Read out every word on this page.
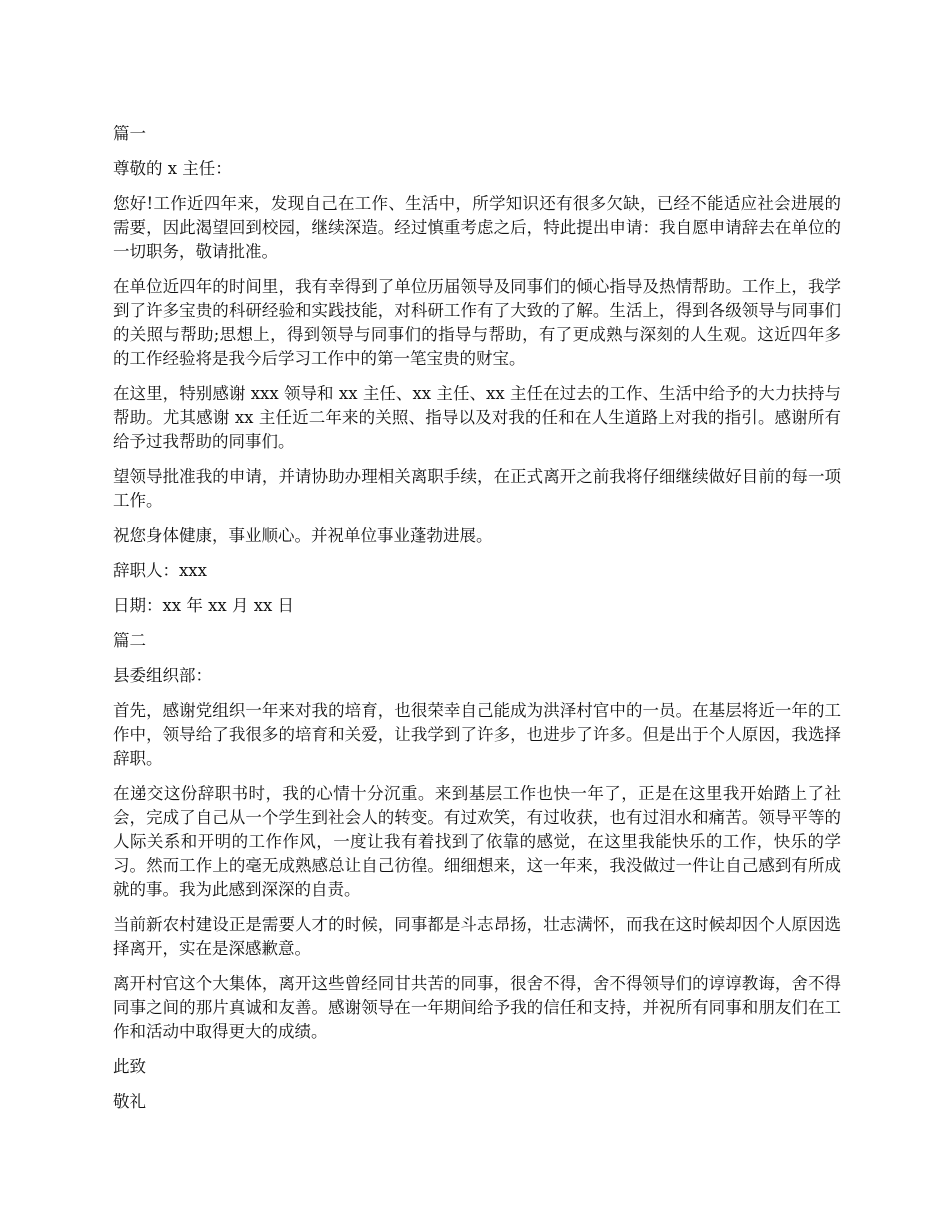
篇一

尊敬的 x 主任：

您好!工作近四年来，发现自己在工作、生活中，所学知识还有很多欠缺，已经不能适应社会进展的需要，因此渴望回到校园，继续深造。经过慎重考虑之后，特此提出申请：我自愿申请辞去在单位的一切职务，敬请批准。

在单位近四年的时间里，我有幸得到了单位历届领导及同事们的倾心指导及热情帮助。工作上，我学到了许多宝贵的科研经验和实践技能，对科研工作有了大致的了解。生活上，得到各级领导与同事们的关照与帮助;思想上，得到领导与同事们的指导与帮助，有了更成熟与深刻的人生观。这近四年多的工作经验将是我今后学习工作中的第一笔宝贵的财宝。

在这里，特别感谢 xxx 领导和 xx 主任、xx 主任、xx 主任在过去的工作、生活中给予的大力扶持与帮助。尤其感谢 xx 主任近二年来的关照、指导以及对我的任和在人生道路上对我的指引。感谢所有给予过我帮助的同事们。

望领导批准我的申请，并请协助办理相关离职手续，在正式离开之前我将仔细继续做好目前的每一项工作。

祝您身体健康，事业顺心。并祝单位事业蓬勃进展。

辞职人：xxx

日期：xx 年 xx 月 xx 日

篇二

县委组织部：

首先，感谢党组织一年来对我的培育，也很荣幸自己能成为洪泽村官中的一员。在基层将近一年的工作中，领导给了我很多的培育和关爱，让我学到了许多，也进步了许多。但是出于个人原因，我选择辞职。

在递交这份辞职书时，我的心情十分沉重。来到基层工作也快一年了，正是在这里我开始踏上了社会，完成了自己从一个学生到社会人的转变。有过欢笑，有过收获，也有过泪水和痛苦。领导平等的人际关系和开明的工作作风，一度让我有着找到了依靠的感觉，在这里我能快乐的工作，快乐的学习。然而工作上的毫无成熟感总让自己彷徨。细细想来，这一年来，我没做过一件让自己感到有所成就的事。我为此感到深深的自责。

当前新农村建设正是需要人才的时候，同事都是斗志昂扬，壮志满怀，而我在这时候却因个人原因选择离开，实在是深感歉意。

离开村官这个大集体，离开这些曾经同甘共苦的同事，很舍不得，舍不得领导们的谆谆教诲，舍不得同事之间的那片真诚和友善。感谢领导在一年期间给予我的信任和支持，并祝所有同事和朋友们在工作和活动中取得更大的成绩。

此致

敬礼
